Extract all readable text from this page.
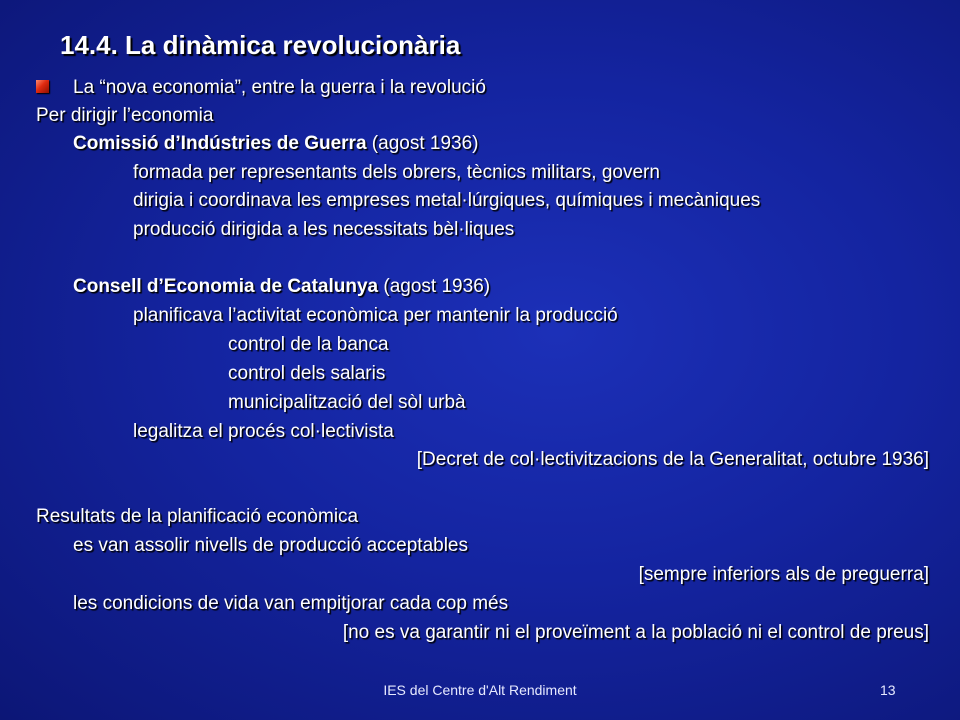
14.4. La dinàmica revolucionària
La “nova economia”, entre la guerra i la revolució
Per dirigir l’economia
Comissió d’Indústries de Guerra (agost 1936)
formada per representants dels obrers, tècnics militars, govern
dirigia i coordinava les empreses metal·lúrgiques, químiques i mecàniques
producció dirigida a les necessitats bèl·liques
Consell d’Economia de Catalunya (agost 1936)
planificava l’activitat econòmica per mantenir la producció
control de la banca
control dels salaris
municipalització del sòl urbà
legalitza el procés col·lectivista
[Decret de col·lectivitzacions de la Generalitat, octubre 1936]
Resultats de la planificació econòmica
es van assolir nivells de producció acceptables
[sempre inferiors als de preguerra]
les condicions de vida van empitjorar cada cop més
[no es va garantir ni el proveïment a la població ni el control de preus]
IES del Centre d'Alt Rendiment	13
